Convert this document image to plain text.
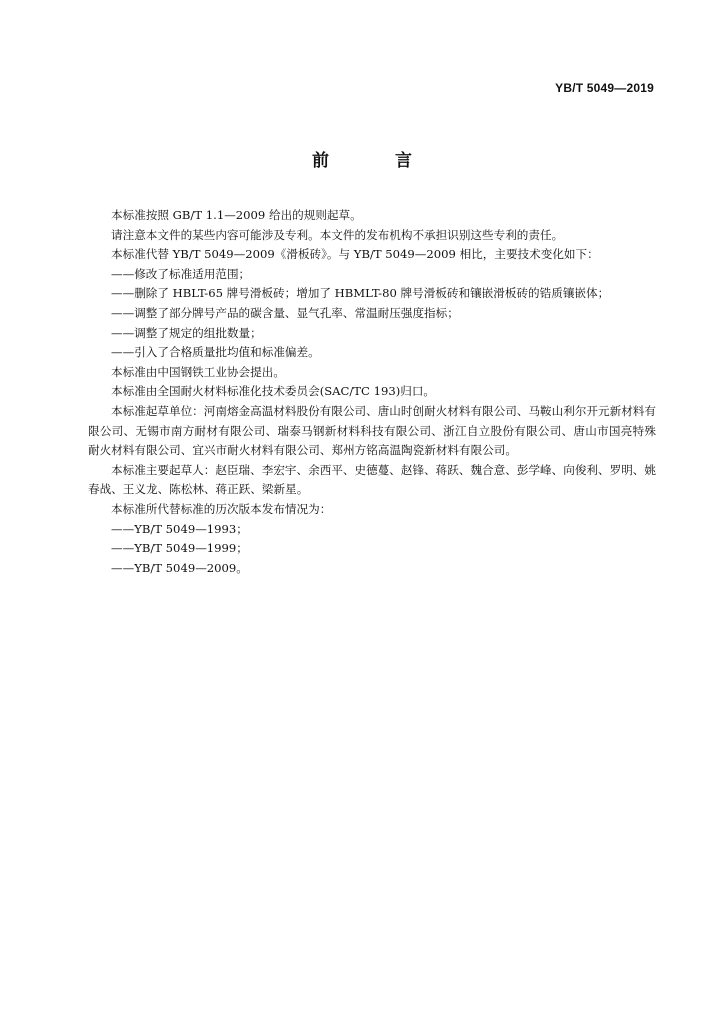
YB/T 5049—2019
前 言

本标准按照 GB/T 1.1—2009 给出的规则起草。

请注意本文件的某些内容可能涉及专利。本文件的发布机构不承担识别这些专利的责任。

本标准代替 YB/T 5049—2009《滑板砖》。与 YB/T 5049—2009 相比，主要技术变化如下：

——修改了标准适用范围；

——删除了 HBLT-65 牌号滑板砖；增加了 HBMLT-80 牌号滑板砖和镶嵌滑板砖的锆质镶嵌体；

——调整了部分牌号产品的碳含量、显气孔率、常温耐压强度指标；

——调整了规定的组批数量；

——引入了合格质量批均值和标准偏差。

本标准由中国钢铁工业协会提出。

本标准由全国耐火材料标准化技术委员会(SAC/TC 193)归口。

本标准起草单位：河南熔金高温材料股份有限公司、唐山时创耐火材料有限公司、马鞍山利尔开元新材料有限公司、无锡市南方耐材有限公司、瑞泰马钢新材料科技有限公司、浙江自立股份有限公司、唐山市国亮特殊耐火材料有限公司、宜兴市耐火材料有限公司、郑州方铭高温陶瓷新材料有限公司。

本标准主要起草人：赵臣瑞、李宏宇、余西平、史德蔓、赵锋、蒋跃、魏合意、彭学峰、向俊利、罗明、姚春战、王义龙、陈松林、蒋正跃、梁新星。

本标准所代替标准的历次版本发布情况为：

——YB/T 5049—1993；

——YB/T 5049—1999；

——YB/T 5049—2009。
